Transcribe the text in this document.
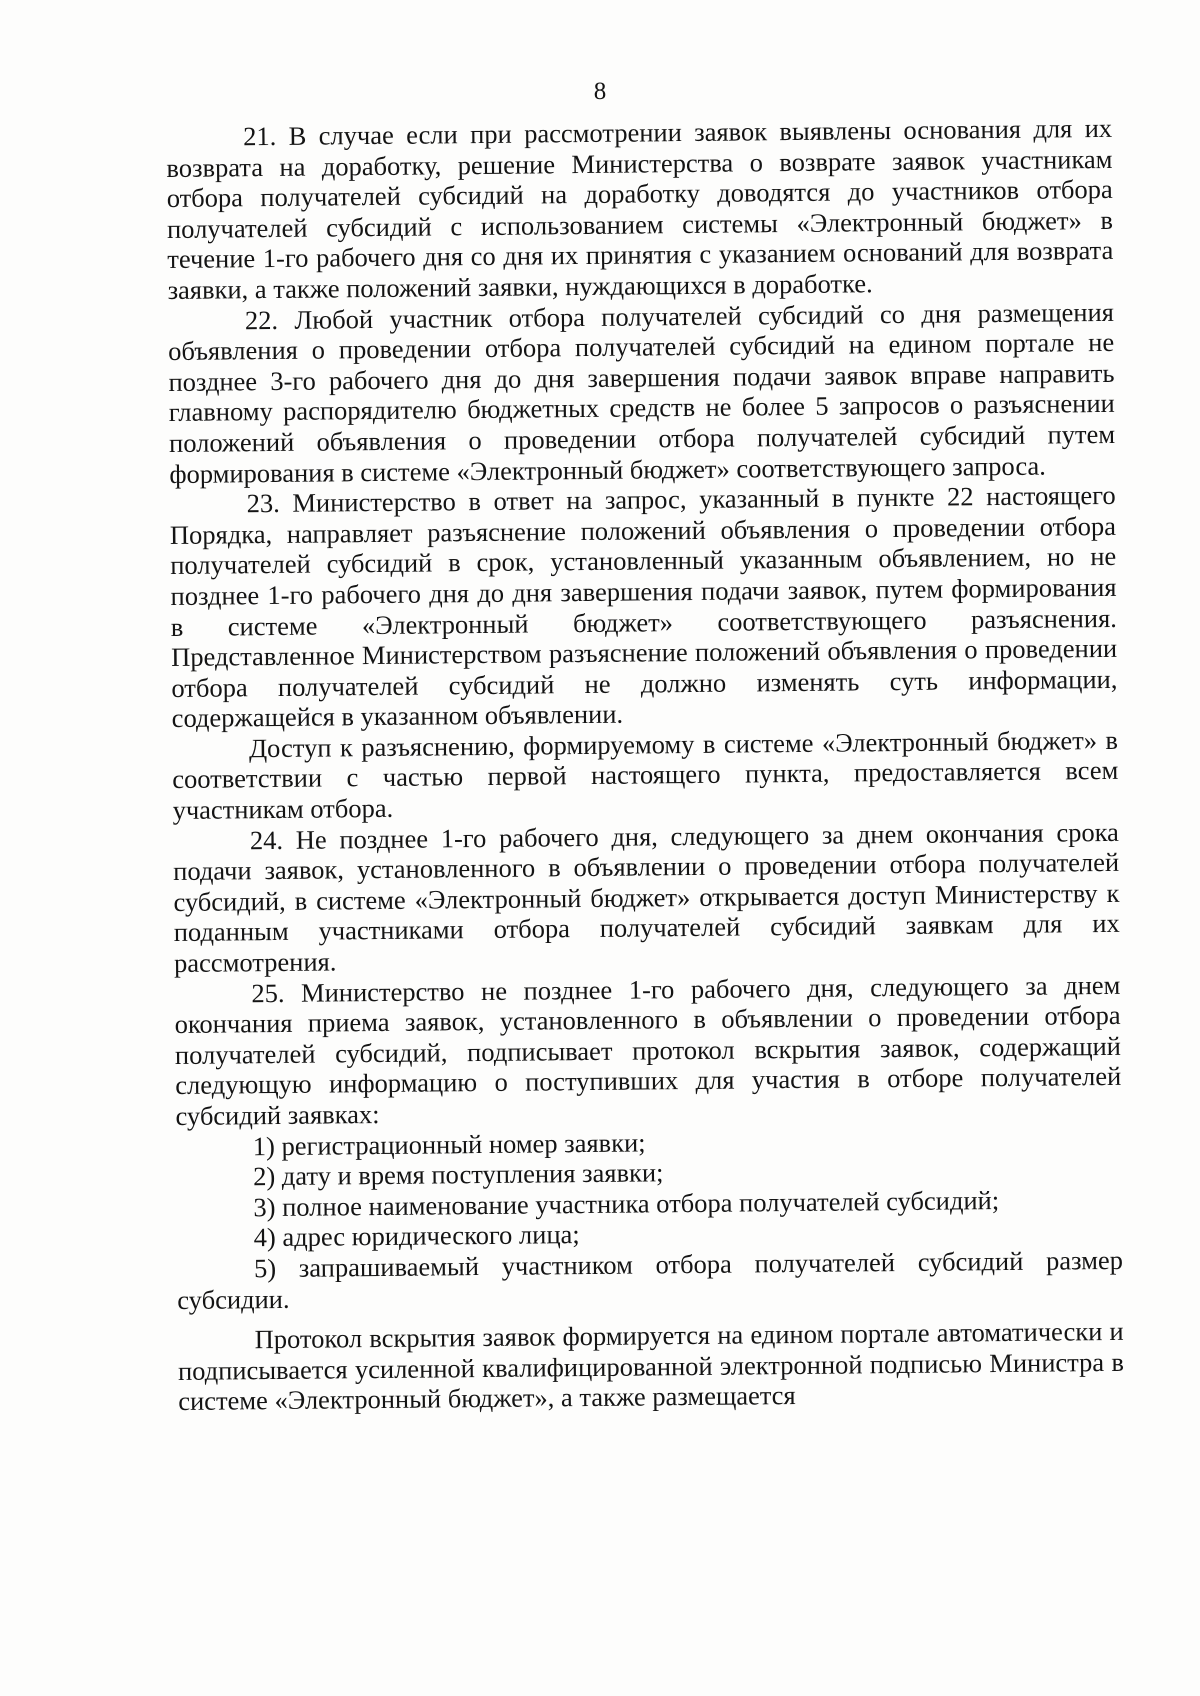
8

21. В случае если при рассмотрении заявок выявлены основания для их возврата на доработку, решение Министерства о возврате заявок участникам отбора получателей субсидий на доработку доводятся до участников отбора получателей субсидий с использованием системы «Электронный бюджет» в течение 1-го рабочего дня со дня их принятия с указанием оснований для возврата заявки, а также положений заявки, нуждающихся в доработке.

22. Любой участник отбора получателей субсидий со дня размещения объявления о проведении отбора получателей субсидий на едином портале не позднее 3-го рабочего дня до дня завершения подачи заявок вправе направить главному распорядителю бюджетных средств не более 5 запросов о разъяснении положений объявления о проведении отбора получателей субсидий путем формирования в системе «Электронный бюджет» соответствующего запроса.

23. Министерство в ответ на запрос, указанный в пункте 22 настоящего Порядка, направляет разъяснение положений объявления о проведении отбора получателей субсидий в срок, установленный указанным объявлением, но не позднее 1-го рабочего дня до дня завершения подачи заявок, путем формирования в системе «Электронный бюджет» соответствующего разъяснения. Представленное Министерством разъяснение положений объявления о проведении отбора получателей субсидий не должно изменять суть информации, содержащейся в указанном объявлении.

Доступ к разъяснению, формируемому в системе «Электронный бюджет» в соответствии с частью первой настоящего пункта, предоставляется всем участникам отбора.

24. Не позднее 1-го рабочего дня, следующего за днем окончания срока подачи заявок, установленного в объявлении о проведении отбора получателей субсидий, в системе «Электронный бюджет» открывается доступ Министерству к поданным участниками отбора получателей субсидий заявкам для их рассмотрения.

25. Министерство не позднее 1-го рабочего дня, следующего за днем окончания приема заявок, установленного в объявлении о проведении отбора получателей субсидий, подписывает протокол вскрытия заявок, содержащий следующую информацию о поступивших для участия в отборе получателей субсидий заявках:

1) регистрационный номер заявки;

2) дату и время поступления заявки;

3) полное наименование участника отбора получателей субсидий;

4) адрес юридического лица;

5) запрашиваемый участником отбора получателей субсидий размер субсидии.

Протокол вскрытия заявок формируется на едином портале автоматически и подписывается усиленной квалифицированной электронной подписью Министра в системе «Электронный бюджет», а также размещается
